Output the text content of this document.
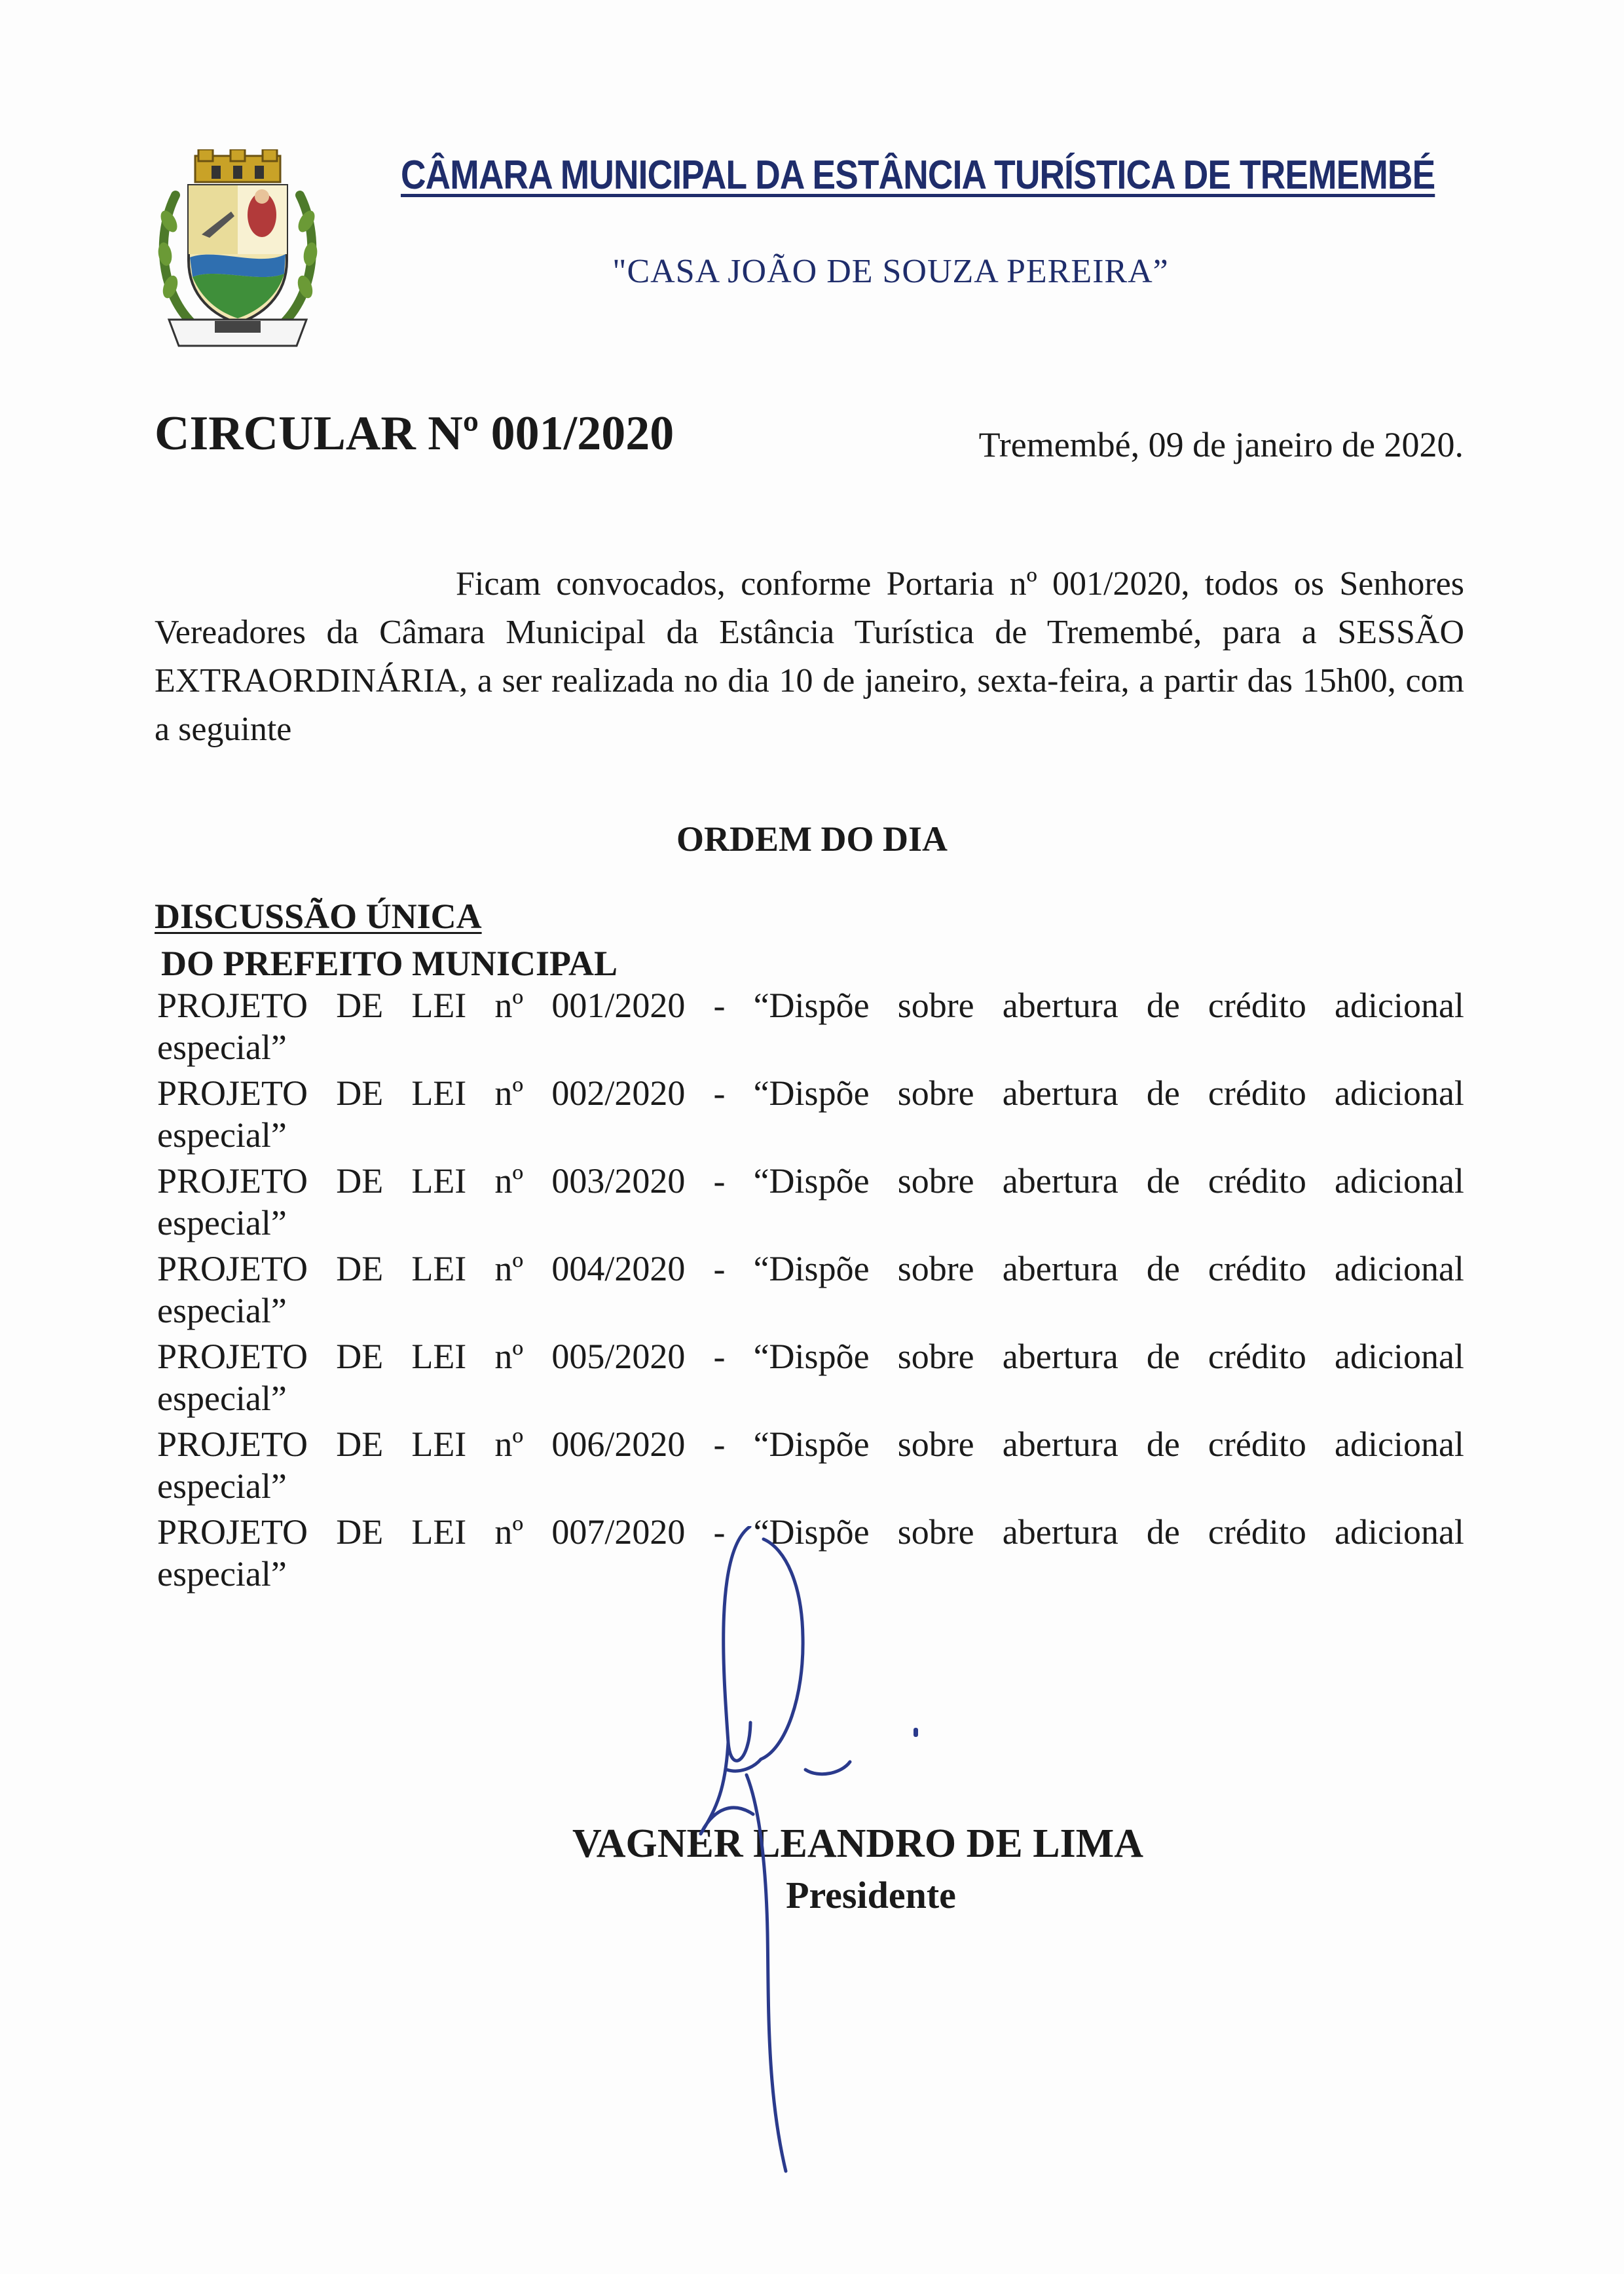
CÂMARA MUNICIPAL DA ESTÂNCIA TURÍSTICA DE TREMEMBÉ
"CASA JOÃO DE SOUZA PEREIRA”
CIRCULAR Nº 001/2020	Tremembé, 09 de janeiro de 2020.

Ficam convocados, conforme Portaria nº 001/2020, todos os Senhores Vereadores da Câmara Municipal da Estância Turística de Tremembé, para a SESSÃO EXTRAORDINÁRIA, a ser realizada no dia 10 de janeiro, sexta-feira, a partir das 15h00, com a seguinte

ORDEM DO DIA
DISCUSSÃO ÚNICA
DO PREFEITO MUNICIPAL
PROJETO DE LEI nº 001/2020 - “Dispõe sobre abertura de crédito adicional
especial”
PROJETO DE LEI nº 002/2020 - “Dispõe sobre abertura de crédito adicional
especial”
PROJETO DE LEI nº 003/2020 - “Dispõe sobre abertura de crédito adicional
especial”
PROJETO DE LEI nº 004/2020 - “Dispõe sobre abertura de crédito adicional
especial”
PROJETO DE LEI nº 005/2020 - “Dispõe sobre abertura de crédito adicional
especial”
PROJETO DE LEI nº 006/2020 - “Dispõe sobre abertura de crédito adicional
especial”
PROJETO DE LEI nº 007/2020 - “Dispõe sobre abertura de crédito adicional
especial”
VAGNER LEANDRO DE LIMA
Presidente
